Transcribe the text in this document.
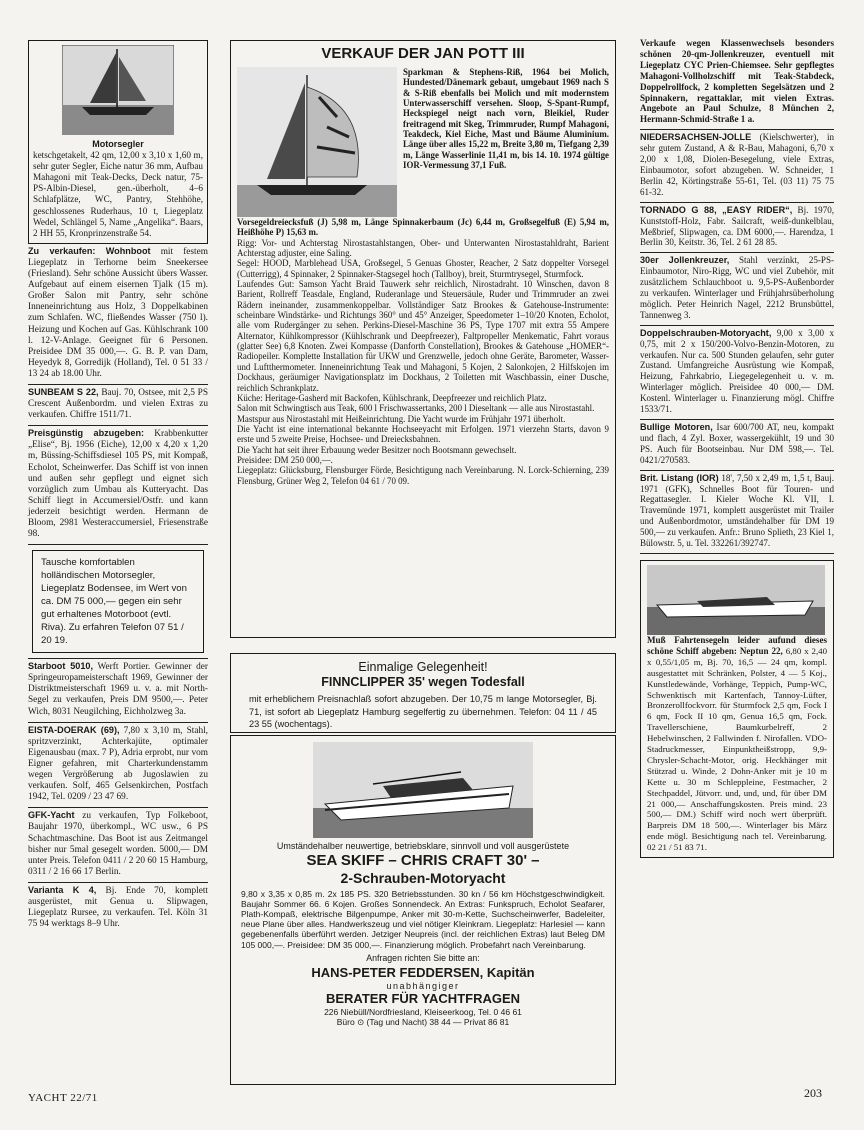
Motorsegler

ketschgetakelt, 42 qm, 12,00 x 3,10 x 1,60 m, sehr guter Segler, Eiche natur 36 mm, Aufbau Mahagoni mit Teak-Decks, Deck natur, 75-PS-Albin-Diesel, gen.-überholt, 4–6 Schlafplätze, WC, Pantry, Stehhöhe, geschlossenes Ruderhaus, 10 t, Liegeplatz Wedel, Schlängel 5, Name „Angelika“. Baars, 2 HH 55, Kronprinzenstraße 54.

Zu verkaufen: Wohnboot mit festem Liegeplatz in Terhorne beim Sneekersee (Friesland). Sehr schöne Aussicht übers Wasser. Aufgebaut auf einem eisernen Tjalk (15 m). Großer Salon mit Pantry, sehr schöne Inneneinrichtung aus Holz, 3 Doppelkabinen zum Schlafen. WC, fließendes Wasser (750 l). Heizung und Kochen auf Gas. Kühlschrank 100 l. 12-V-Anlage. Geeignet für 6 Personen. Preisidee DM 35 000,—. G. B. P. van Dam, Heyedyk 8, Gorredijk (Holland), Tel. 0 51 33 / 13 24 ab 18.00 Uhr.
SUNBEAM S 22, Bauj. 70, Ostsee, mit 2,5 PS Crescent Außenbordm. und vielen Extras zu verkaufen. Chiffre 1511/71.
Preisgünstig abzugeben: Krabbenkutter „Elise“, Bj. 1956 (Eiche), 12,00 x 4,20 x 1,20 m, Büssing-Schiffsdiesel 105 PS, mit Kompaß, Echolot, Scheinwerfer. Das Schiff ist von innen und außen sehr gepflegt und eignet sich vorzüglich zum Umbau als Kutteryacht. Das Schiff liegt in Accumersiel/Ostfr. und kann jederzeit besichtigt werden. Hermann de Bloom, 2981 Westeraccumersiel, Friesenstraße 98.
Tausche komfortablen holländischen Motorsegler, Liegeplatz Bodensee, im Wert von ca. DM 75 000,— gegen ein sehr gut erhaltenes Motorboot (evtl. Riva). Zu erfahren Telefon 07 51 / 20 19.
Starboot 5010, Werft Portier. Gewinner der Springeuropameisterschaft 1969, Gewinner der Distriktmeisterschaft 1969 u. v. a. mit North-Segel zu verkaufen, Preis DM 9500,—. Peter Wich, 8031 Neugilching, Eichholzweg 3a.
EISTA-DOERAK (69), 7,80 x 3,10 m, Stahl, spritzverzinkt, Achterkajüte, optimaler Eigenausbau (max. 7 P), Adria erprobt, nur vom Eigner gefahren, mit Charterkundenstamm wegen Vergrößerung ab Jugoslawien zu verkaufen. Solf, 465 Gelsenkirchen, Postfach 1942, Tel. 0209 / 23 47 69.
GFK-Yacht zu verkaufen, Typ Folkeboot, Baujahr 1970, überkompl., WC usw., 6 PS Schachtmaschine. Das Boot ist aus Zeitmangel bisher nur 5mal gesegelt worden. 5000,— DM unter Preis. Telefon 0411 / 2 20 60 15 Hamburg, 0311 / 2 16 66 17 Berlin.
Varianta K 4, Bj. Ende 70, komplett ausgerüstet, mit Genua u. Slipwagen, Liegeplatz Rursee, zu verkaufen. Tel. Köln 31 75 94 werktags 8–9 Uhr.
VERKAUF DER JAN POTT III

Sparkman & Stephens-Riß, 1964 bei Molich, Hundested/Dänemark gebaut, umgebaut 1969 nach S & S-Riß ebenfalls bei Molich und mit modernstem Unterwasserschiff versehen. Sloop, S-Spant-Rumpf, Heckspiegel neigt nach vorn, Bleikiel, Ruder freitragend mit Skeg, Trimmruder, Rumpf Mahagoni, Teakdeck, Kiel Eiche, Mast und Bäume Aluminium. Länge über alles 15,22 m, Breite 3,80 m, Tiefgang 2,39 m, Länge Wasserlinie 11,41 m, bis 14. 10. 1974 gültige IOR-Vermessung 37,1 Fuß.

Vorsegeldreiecksfuß (J) 5,98 m, Länge Spinnakerbaum (Jc) 6,44 m, Großsegelfuß (E) 5,94 m, Heißhöhe P) 15,63 m.

Rigg: Vor- und Achterstag Nirostastahlstangen, Ober- und Unterwanten Nirostastahldraht, Barient Achterstag adjuster, eine Saling.

Segel: HOOD, Marblehead USA, Großsegel, 5 Genuas Ghoster, Reacher, 2 Satz doppelter Vorsegel (Cutterrigg), 4 Spinnaker, 2 Spinnaker-Stagsegel hoch (Tallboy), breit, Sturmtrysegel, Sturmfock.

Laufendes Gut: Samson Yacht Braid Tauwerk sehr reichlich, Nirostadraht. 10 Winschen, davon 8 Barient, Rollreff Teasdale, England, Ruderanlage und Steuersäule, Ruder und Trimmruder an zwei Rädern ineinander, zusammenkoppelbar. Vollständiger Satz Brookes & Gatehouse-Instrumente: scheinbare Windstärke- und Richtungs 360° und 45° Anzeiger, Speedometer 1–10/20 Knoten, Echolot, alle vom Rudergänger zu sehen. Perkins-Diesel-Maschine 36 PS, Type 1707 mit extra 55 Ampere Alternator, Kühlkompressor (Kühlschrank und Deepfreezer), Faltpropeller Menkematic, Fahrt voraus (glatter See) 6,8 Knoten. Zwei Kompasse (Danforth Constellation), Brookes & Gatehouse „HOMER“-Radiopeiler. Komplette Installation für UKW und Grenzwelle, jedoch ohne Geräte, Barometer, Wasser- und Luftthermometer. Inneneinrichtung Teak und Mahagoni, 5 Kojen, 2 Salonkojen, 2 Hilfskojen im Dockhaus, geräumiger Navigationsplatz im Dockhaus, 2 Toiletten mit Waschbassin, einer Dusche, reichlich Schrankplatz.

Küche: Heritage-Gasherd mit Backofen, Kühlschrank, Deepfreezer und reichlich Platz.

Salon mit Schwingtisch aus Teak, 600 l Frischwassertanks, 200 l Dieseltank — alle aus Nirostastahl.

Mastspur aus Nirostastahl mit Heißeinrichtung. Die Yacht wurde im Frühjahr 1971 überholt.

Die Yacht ist eine international bekannte Hochseeyacht mit Erfolgen. 1971 vierzehn Starts, davon 9 erste und 5 zweite Preise, Hochsee- und Dreiecksbahnen.

Die Yacht hat seit ihrer Erbauung weder Besitzer noch Bootsmann gewechselt.

Preisidee: DM 250 000,—.

Liegeplatz: Glücksburg, Flensburger Förde, Besichtigung nach Vereinbarung. N. Lorck-Schierning, 239 Flensburg, Grüner Weg 2, Telefon 04 61 / 70 09.

Einmalige Gelegenheit!
FINNCLIPPER 35' wegen Todesfall

mit erheblichem Preisnachlaß sofort abzugeben. Der 10,75 m lange Motorsegler, Bj. 71, ist sofort ab Liegeplatz Hamburg segelfertig zu übernehmen. Telefon: 04 11 / 45 23 55 (wochentags).

Umständehalber neuwertige, betriebsklare, sinnvoll und voll ausgerüstete

SEA SKIFF – CHRIS CRAFT 30' –
2-Schrauben-Motoryacht

9,80 x 3,35 x 0,85 m. 2x 185 PS. 320 Betriebsstunden. 30 kn / 56 km Höchstgeschwindigkeit. Baujahr Sommer 66. 6 Kojen. Großes Sonnendeck. An Extras: Funkspruch, Echolot Seafarer, Plath-Kompaß, elektrische Bilgenpumpe, Anker mit 30-m-Kette, Suchscheinwerfer, Badeleiter, neue Plane über alles. Handwerkszeug und viel nötiger Kleinkram. Liegeplatz: Harlesiel — kann gegebenenfalls überführt werden. Jetziger Neupreis (incl. der reichlichen Extras) laut Beleg DM 105 000,—. Preisidee: DM 35 000,—. Finanzierung möglich. Probefahrt nach Vereinbarung.

Anfragen richten Sie bitte an:

HANS-PETER FEDDERSEN, Kapitän

unabhängiger

BERATER FÜR YACHTFRAGEN

226 Niebüll/Nordfriesland, Kleiseerkoog, Tel. 0 46 61

Büro ⊙ (Tag und Nacht) 38 44 — Privat 86 81

Verkaufe wegen Klassenwechsels besonders schönen 20-qm-Jollenkreuzer, eventuell mit Liegeplatz CYC Prien-Chiemsee. Sehr gepflegtes Mahagoni-Vollholzschiff mit Teak-Stabdeck, Doppelrollfock, 2 kompletten Segelsätzen und 2 Spinnakern, regattaklar, mit vielen Extras. Angebote an Paul Schulze, 8 München 2, Hermann-Schmid-Straße 1 a.
NIEDERSACHSEN-JOLLE (Kielschwerter), in sehr gutem Zustand, A & R-Bau, Mahagoni, 6,70 x 2,00 x 1,08, Diolen-Besegelung, viele Extras, Einbaumotor, sofort abzugeben. W. Schneider, 1 Berlin 42, Körtingstraße 55-61, Tel. (03 11) 75 75 61-32.
TORNADO G 88, „EASY RIDER“, Bj. 1970, Kunststoff-Holz, Fabr. Sailcraft, weiß-dunkelblau, Meßbrief, Slipwagen, ca. DM 6000,—. Harendza, 1 Berlin 30, Keitstr. 36, Tel. 2 61 28 85.
30er Jollenkreuzer, Stahl verzinkt, 25-PS-Einbaumotor, Niro-Rigg, WC und viel Zubehör, mit zusätzlichem Schlauchboot u. 9,5-PS-Außenborder zu verkaufen. Winterlager und Frühjahrsüberholung möglich. Peter Heinrich Nagel, 2212 Brunsbüttel, Tannenweg 3.
Doppelschrauben-Motoryacht, 9,00 x 3,00 x 0,75, mit 2 x 150/200-Volvo-Benzin-Motoren, zu verkaufen. Nur ca. 500 Stunden gelaufen, sehr guter Zustand. Umfangreiche Ausrüstung wie Kompaß, Heizung, Fahrkabrio, Liegegelegenheit u. v. m. Winterlager möglich. Preisidee 40 000,— DM. Kostenl. Winterlager u. Finanzierung mögl. Chiffre 1533/71.
Bullige Motoren, Isar 600/700 AT, neu, kompakt und flach, 4 Zyl. Boxer, wassergekühlt, 19 und 30 PS. Auch für Bootseinbau. Nur DM 598,—. Tel. 0421/270583.
Brit. Listang (IOR) 18', 7,50 x 2,49 m, 1,5 t, Bauj. 1971 (GFK), Schnelles Boot für Touren- und Regattasegler. I. Kieler Woche Kl. VII, I. Travemünde 1971, komplett ausgerüstet mit Trailer und Außenbordmotor, umständehalber für DM 19 500,— zu verkaufen. Anfr.: Bruno Splieth, 23 Kiel 1, Bülowstr. 5, u. Tel. 332261/392747.
Muß Fahrtensegeln leider aufund dieses schöne Schiff abgeben: Neptun 22, 6,80 x 2,40 x 0,55/1,05 m, Bj. 70, 16,5 — 24 qm, kompl. ausgestattet mit Schränken, Polster, 4 — 5 Koj., Kunstledewände, Vorhänge, Teppich, Pump-WC, Schwenktisch mit Kartenfach, Tannoy-Lüfter, Bronzerollfockvorr. für Sturmfock 2,5 qm, Fock I 6 qm, Fock II 10 qm, Genua 16,5 qm, Fock. Travellerschiene, Baumkurbelreff, 2 Hebelwinschen, 2 Fallwinden f. Nirofallen. VDO-Stadruckmesser, Einpunktheißstropp, 9,9-Chrysler-Schacht-Motor, orig. Heckhänger mit Stützrad u. Winde, 2 Dohn-Anker mit je 10 m Kette u. 30 m Schleppleine, Festmacher, 2 Stechpaddel, Jütvorr. und, und, und, für über DM 21 000,— Anschaffungskosten. Preis mind. 23 500,— DM.) Schiff wird noch wert überprüft. Barpreis DM 18 500,—. Winterlager bis März ende mögl. Besichtigung nach tel. Vereinbarung. 02 21 / 51 83 71.
YACHT 22/71	203
